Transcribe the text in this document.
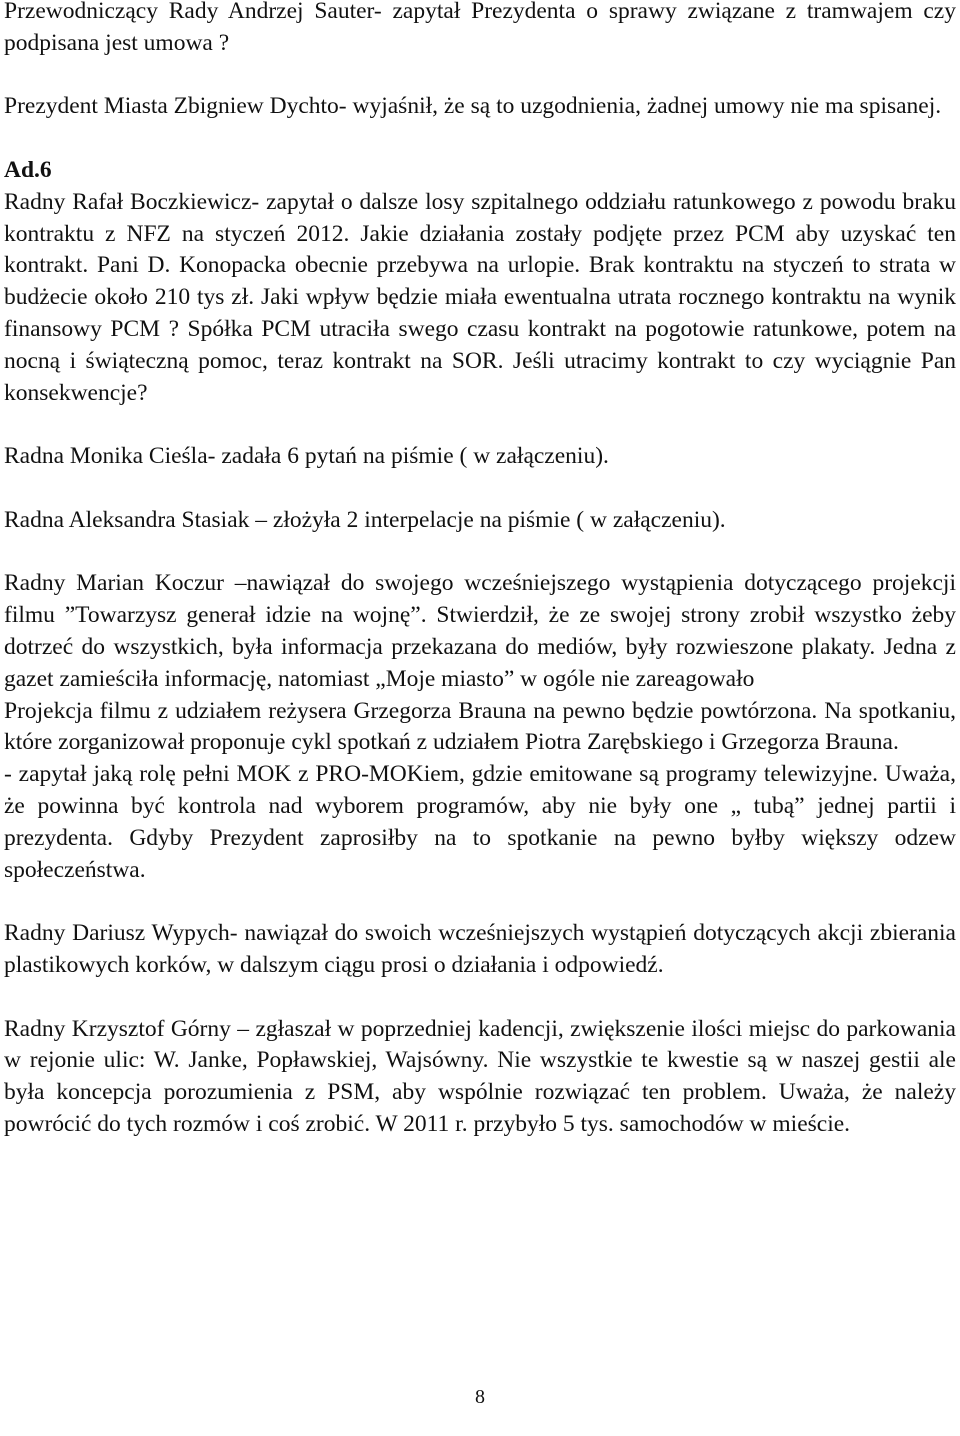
Przewodniczący Rady Andrzej Sauter- zapytał Prezydenta o sprawy związane z tramwajem czy podpisana jest umowa ?

Prezydent Miasta Zbigniew Dychto- wyjaśnił, że są to uzgodnienia, żadnej umowy nie ma spisanej.

Ad.6

Radny Rafał Boczkiewicz- zapytał o dalsze losy szpitalnego oddziału ratunkowego z powodu braku kontraktu z NFZ na styczeń 2012. Jakie działania zostały podjęte przez PCM aby uzyskać ten kontrakt. Pani D. Konopacka obecnie przebywa na urlopie. Brak kontraktu na styczeń to strata w budżecie około 210 tys zł. Jaki wpływ będzie miała ewentualna utrata rocznego kontraktu na wynik finansowy PCM ? Spółka PCM utraciła swego czasu kontrakt na pogotowie ratunkowe, potem na nocną i świąteczną pomoc, teraz kontrakt na SOR. Jeśli utracimy kontrakt to czy wyciągnie Pan konsekwencje?

Radna Monika Cieśla- zadała 6 pytań na piśmie ( w załączeniu).

Radna Aleksandra Stasiak – złożyła 2 interpelacje na piśmie ( w załączeniu).

Radny Marian Koczur –nawiązał do swojego wcześniejszego wystąpienia dotyczącego projekcji filmu ”Towarzysz generał idzie na wojnę”. Stwierdził, że ze swojej strony zrobił wszystko żeby dotrzeć do wszystkich, była informacja przekazana do mediów, były rozwieszone plakaty. Jedna z gazet zamieściła informację, natomiast „Moje miasto” w ogóle nie zareagowało

Projekcja filmu z udziałem reżysera Grzegorza Brauna na pewno będzie powtórzona. Na spotkaniu, które zorganizował proponuje cykl spotkań z udziałem Piotra Zarębskiego i Grzegorza Brauna.

- zapytał jaką rolę pełni MOK z PRO-MOKiem, gdzie emitowane są programy telewizyjne. Uważa, że powinna być kontrola nad wyborem programów, aby nie były one „ tubą” jednej partii i prezydenta. Gdyby Prezydent zaprosiłby na to spotkanie na pewno byłby większy odzew społeczeństwa.

Radny Dariusz Wypych- nawiązał do swoich wcześniejszych wystąpień dotyczących akcji zbierania plastikowych korków, w dalszym ciągu prosi o działania i odpowiedź.

Radny Krzysztof Górny – zgłaszał w poprzedniej kadencji, zwiększenie ilości miejsc do parkowania w rejonie ulic: W. Janke, Popławskiej, Wajsówny. Nie wszystkie te kwestie są w naszej gestii ale była koncepcja porozumienia z PSM, aby wspólnie rozwiązać ten problem. Uważa, że należy powrócić do tych rozmów i coś zrobić. W 2011 r. przybyło 5 tys. samochodów w mieście.

8
